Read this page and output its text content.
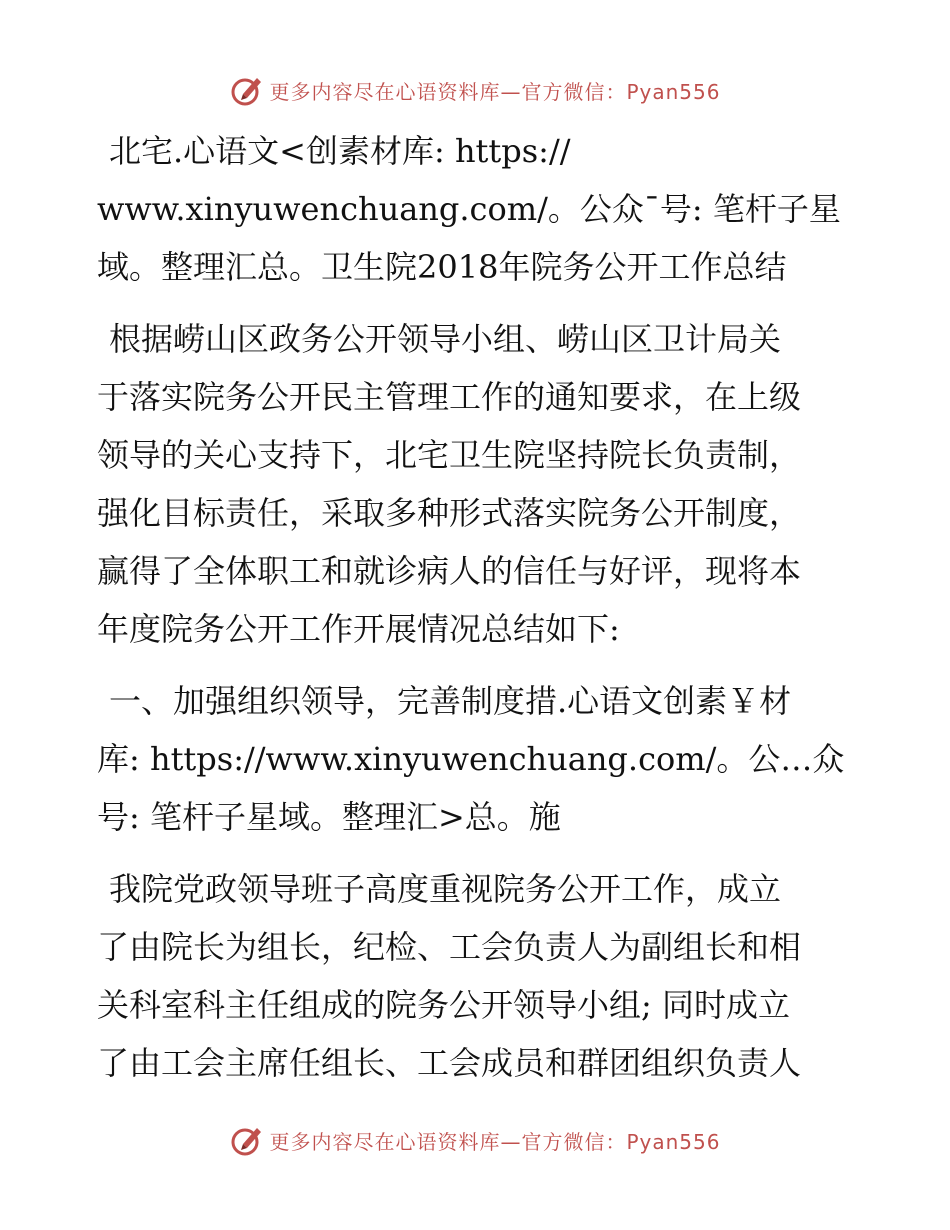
更多内容尽在心语资料库—官方微信：Pyan556

北宅.心语文<创素材库: https://
www.xinyuwenchuang.com/。公众¯号: 笔杆子星
域。整理汇总。卫生院2018年院务公开工作总结

根据崂山区政务公开领导小组、崂山区卫计局关
于落实院务公开民主管理工作的通知要求，在上级
领导的关心支持下，北宅卫生院坚持院长负责制，
强化目标责任，采取多种形式落实院务公开制度，
赢得了全体职工和就诊病人的信任与好评，现将本
年度院务公开工作开展情况总结如下:

一、加强组织领导，完善制度措.心语文创素￥材
库: https://www.xinyuwenchuang.com/。公…众
号: 笔杆子星域。整理汇>总。施

我院党政领导班子高度重视院务公开工作，成立
了由院长为组长，纪检、工会负责人为副组长和相
关科室科主任组成的院务公开领导小组; 同时成立
了由工会主席任组长、工会成员和群团组织负责人

更多内容尽在心语资料库—官方微信：Pyan556
